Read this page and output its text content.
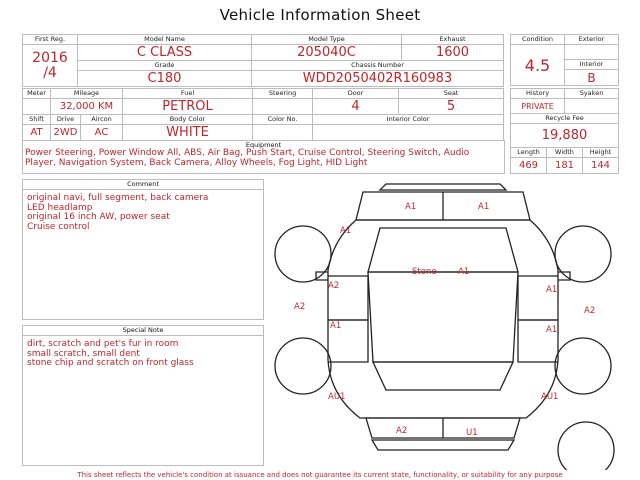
Vehicle Information Sheet
First Reg.	Model Name	Model Type	Exhaust

2016
/4	C CLASS	205040C	1600
	Grade	Chassis Number	
	C180	WDD2050402R160983	
Condition	Exterior
4.5	
	Interior
	B
Meter	Mileage		Fuel	Steering	Door	Seat
	32,000 KM		PETROL		4	5
Shift	Drive	Aircon	Body Color	Color No.	Interior Color	
AT	2WD	AC	WHITE			
History		Syaken	
PRIVATE			
Recycle Fee			
19,880			
Length	Width		Height
469	181		144
Equipment
Power Steering, Power Window All, ABS, Air Bag, Push Start, Cruise Control, Steering Switch, Audio Player, Navigation System, Back Camera, Alloy Wheels, Fog Light, HID Light
Comment
original navi, full segment, back camera
LED headlamp
original 16 inch AW, power seat
Cruise control
Special Note
dirt, scratch and pet's fur in room
small scratch, small dent
stone chip and scratch on front glass
A1	A1
A1
Stone	A1
A2
A2
A1
A1
A2
A1
AU1	AU1
A2	U1
This sheet reflects the vehicle's condition at issuance and does not guarantee its current state, functionality, or suitability for any purpose
